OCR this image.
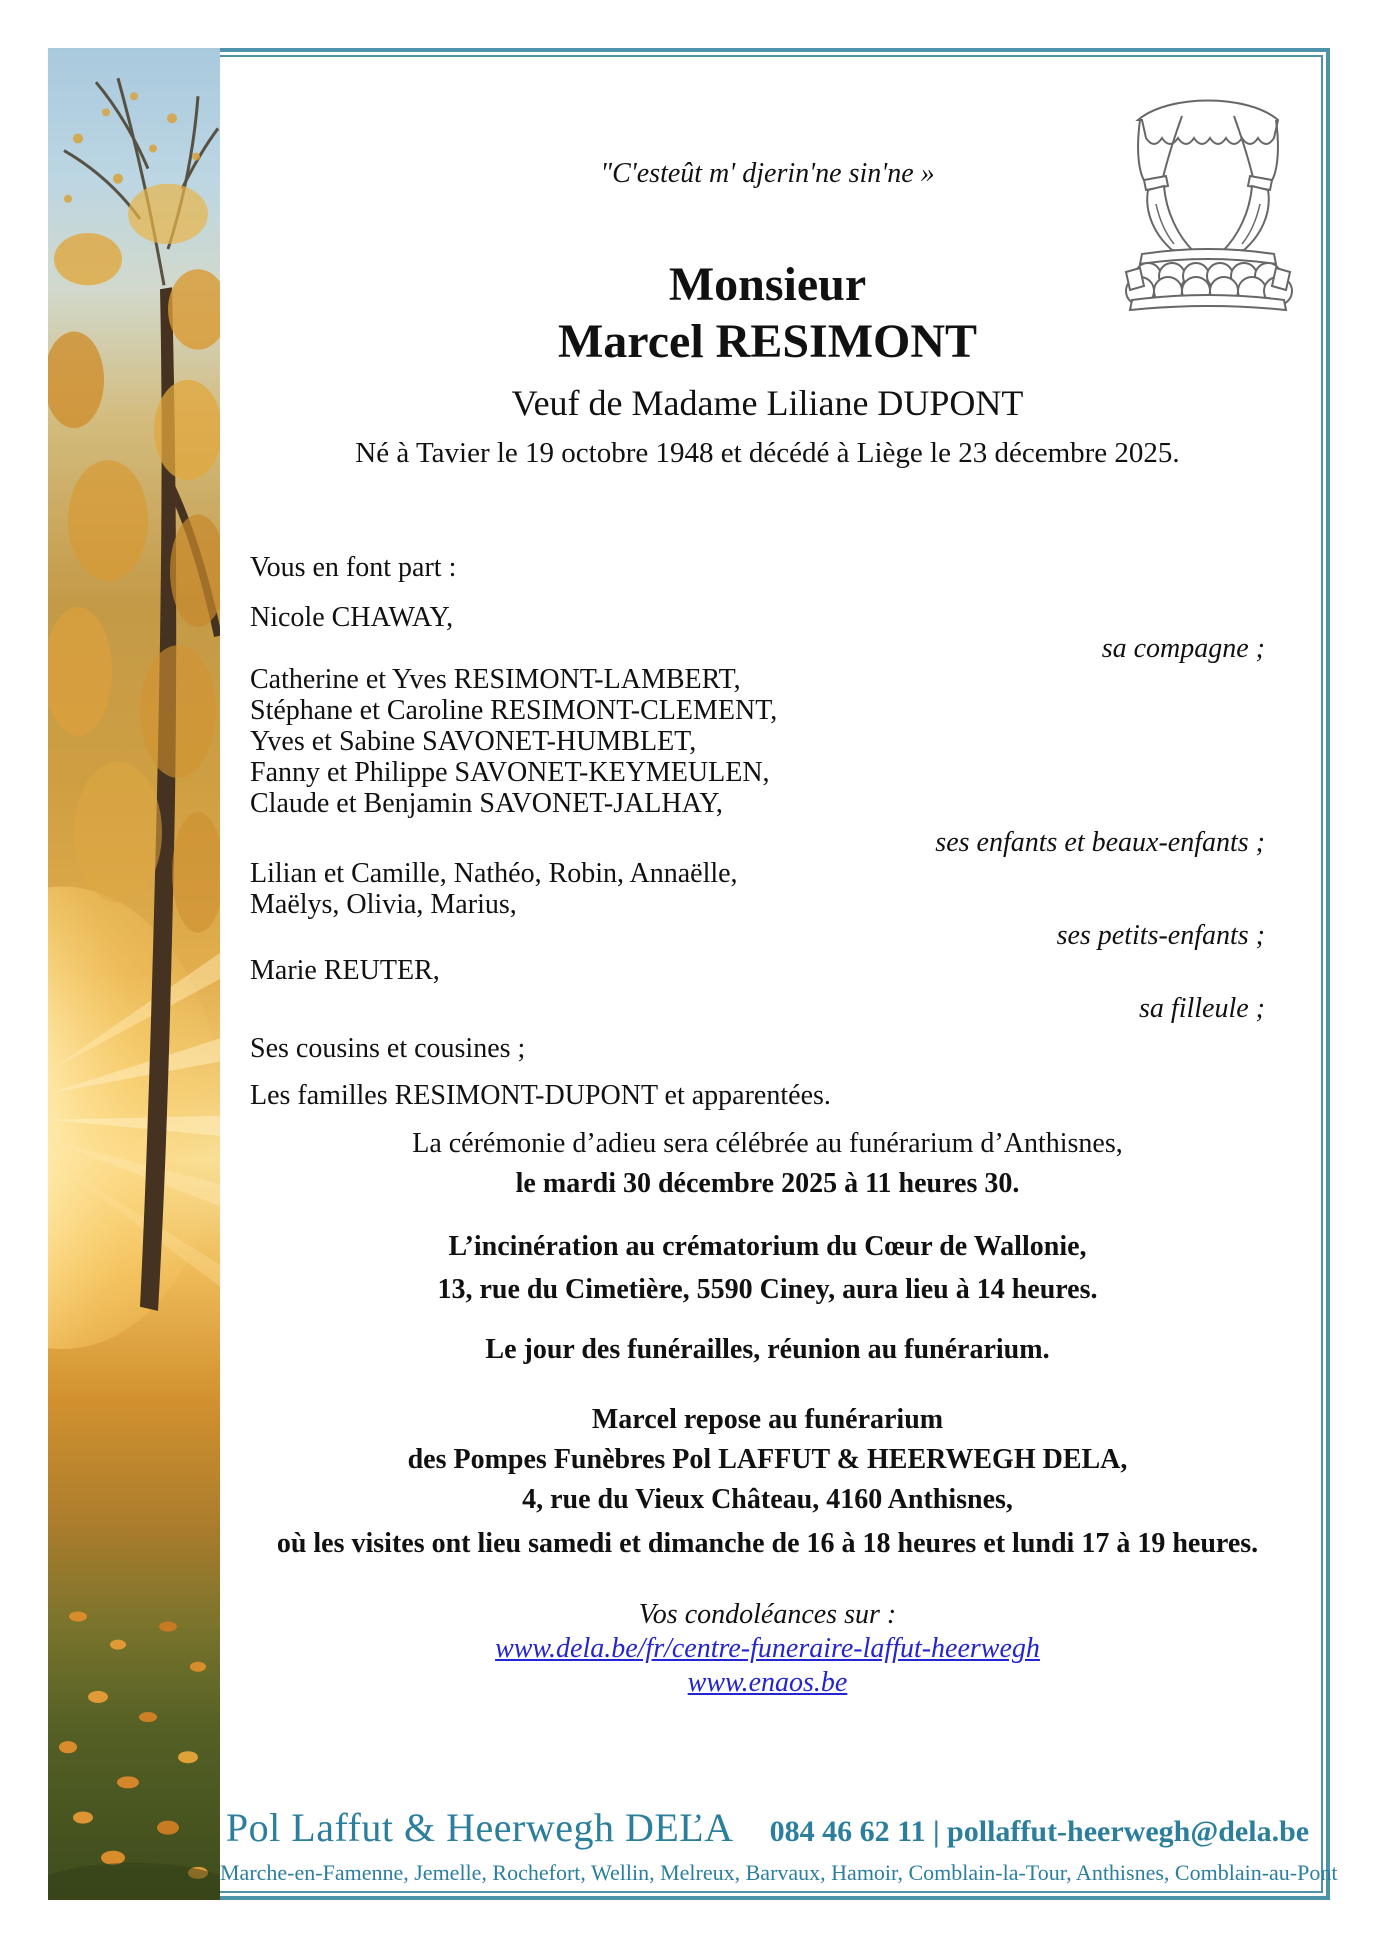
"C'esteût m' djerin'ne sin'ne »
Monsieur
Marcel RESIMONT
Veuf de Madame Liliane DUPONT
Né à Tavier le 19 octobre 1948 et décédé à Liège le 23 décembre 2025.
Vous en font part :
Nicole CHAWAY,
sa compagne ;
Catherine et Yves RESIMONT-LAMBERT,
Stéphane et Caroline RESIMONT-CLEMENT,
Yves et Sabine SAVONET-HUMBLET,
Fanny et Philippe SAVONET-KEYMEULEN,
Claude et Benjamin SAVONET-JALHAY,
ses enfants et beaux-enfants ;
Lilian et Camille, Nathéo, Robin, Annaëlle,
Maëlys, Olivia, Marius,
ses petits-enfants ;
Marie REUTER,
sa filleule ;
Ses cousins et cousines ;
Les familles RESIMONT-DUPONT et apparentées.
La cérémonie d’adieu sera célébrée au funérarium d’Anthisnes,
le mardi 30 décembre 2025 à 11 heures 30.
L’incinération au crématorium du Cœur de Wallonie,
13, rue du Cimetière, 5590 Ciney, aura lieu à 14 heures.
Le jour des funérailles, réunion au funérarium.
Marcel repose au funérarium
des Pompes Funèbres Pol LAFFUT & HEERWEGH DELA,
4, rue du Vieux Château, 4160 Anthisnes,
où les visites ont lieu samedi et dimanche de 16 à 18 heures et lundi 17 à 19 heures.
Vos condoléances sur :
www.dela.be/fr/centre-funeraire-laffut-heerwegh
www.enaos.be
Pol Laffut & Heerwegh DEĽA 084 46 62 11 | pollaffut-heerwegh@dela.be
Marche-en-Famenne, Jemelle, Rochefort, Wellin, Melreux, Barvaux, Hamoir, Comblain-la-Tour, Anthisnes, Comblain-au-Pont
